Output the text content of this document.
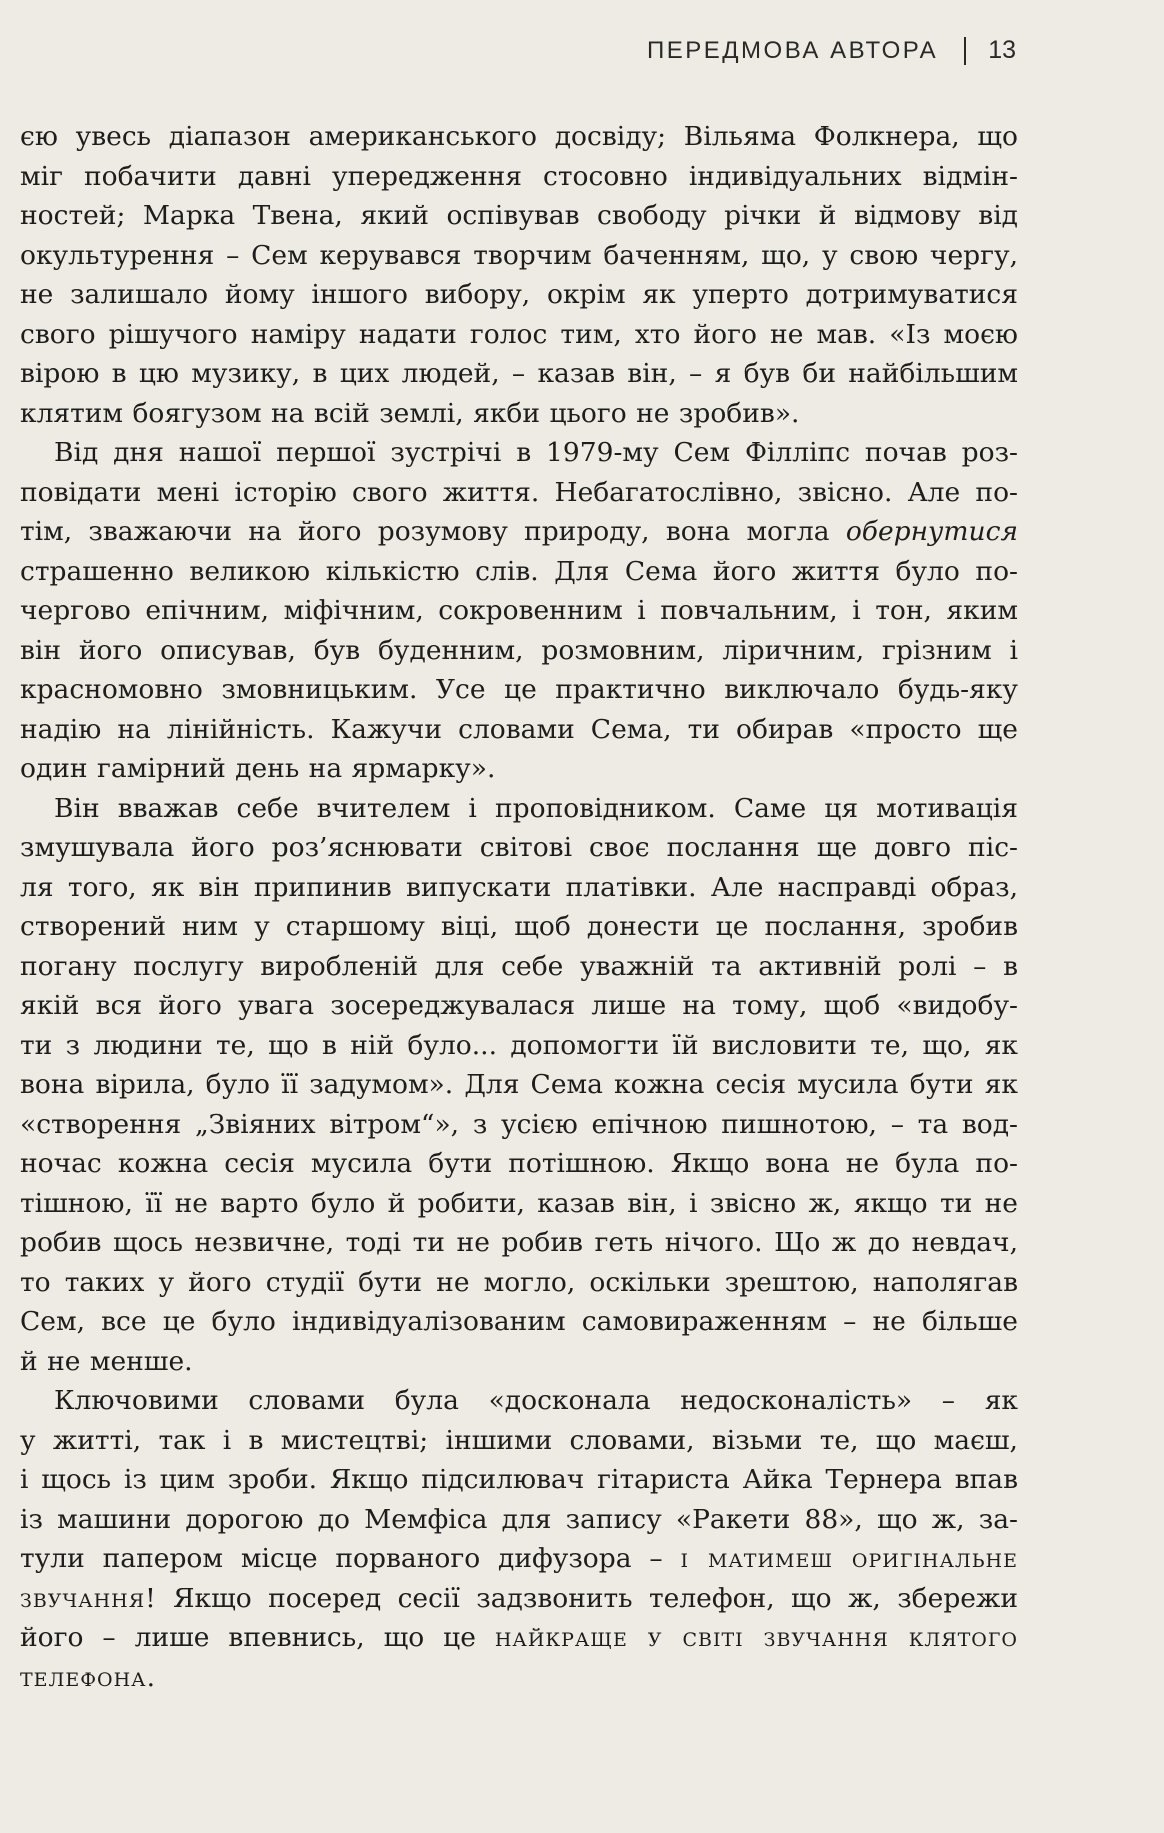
ПЕРЕДМОВА АВТОРА 13
єю увесь діапазон американського досвіду; Вільяма Фолкнера, що
міг побачити давні упередження стосовно індивідуальних відмін-
ностей; Марка Твена, який оспівував свободу річки й відмову від
окультурення – Сем керувався творчим баченням, що, у свою чергу,
не залишало йому іншого вибору, окрім як уперто дотримуватися
свого рішучого наміру надати голос тим, хто його не мав. «Із моєю
вірою в цю музику, в цих людей, – казав він, – я був би найбільшим
клятим боягузом на всій землі, якби цього не зробив».
Від дня нашої першої зустрічі в 1979-му Сем Філліпс почав роз-
повідати мені історію свого життя. Небагатослівно, звісно. Але по-
тім, зважаючи на його розумову природу, вона могла обернутися
страшенно великою кількістю слів. Для Сема його життя було по-
чергово епічним, міфічним, сокровенним і повчальним, і тон, яким
він його описував, був буденним, розмовним, ліричним, грізним і
красномовно змовницьким. Усе це практично виключало будь-яку
надію на лінійність. Кажучи словами Сема, ти обирав «просто ще
один гамірний день на ярмарку».
Він вважав себе вчителем і проповідником. Саме ця мотивація
змушувала його роз’яснювати світові своє послання ще довго піс-
ля того, як він припинив випускати платівки. Але насправді образ,
створений ним у старшому віці, щоб донести це послання, зробив
погану послугу виробленій для себе уважній та активній ролі – в
якій вся його увага зосереджувалася лише на тому, щоб «видобу-
ти з людини те, що в ній було... допомогти їй висловити те, що, як
вона вірила, було її задумом». Для Сема кожна сесія мусила бути як
«створення „Звіяних вітром“», з усією епічною пишнотою, – та вод-
ночас кожна сесія мусила бути потішною. Якщо вона не була по-
тішною, її не варто було й робити, казав він, і звісно ж, якщо ти не
робив щось незвичне, тоді ти не робив геть нічого. Що ж до невдач,
то таких у його студії бути не могло, оскільки зрештою, наполягав
Сем, все це було індивідуалізованим самовираженням – не більше
й не менше.
Ключовими словами була «досконала недосконалість» – як
у житті, так і в мистецтві; іншими словами, візьми те, що маєш,
і щось із цим зроби. Якщо підсилювач гітариста Айка Тернера впав
із машини дорогою до Мемфіса для запису «Ракети 88», що ж, за-
тули папером місце порваного дифузора – і матимеш оригінальне
звучання! Якщо посеред сесії задзвонить телефон, що ж, збережи
його – лише впевнись, що це найкраще у світі звучання клятого
телефона.
